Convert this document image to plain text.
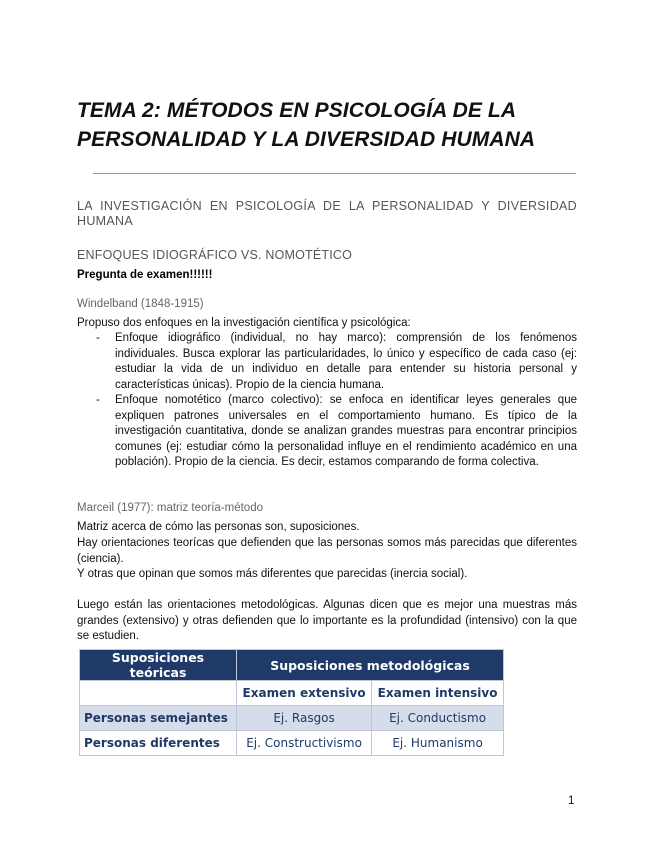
TEMA 2: MÉTODOS EN PSICOLOGÍA DE LA PERSONALIDAD Y LA DIVERSIDAD HUMANA
LA INVESTIGACIÓN EN PSICOLOGÍA DE LA PERSONALIDAD Y DIVERSIDAD HUMANA
ENFOQUES IDIOGRÁFICO VS. NOMOTÉTICO
Pregunta de examen!!!!!!
Windelband (1848-1915)
Propuso dos enfoques en la investigación científica y psicológica:
- Enfoque idiográfico (individual, no hay marco): comprensión de los fenómenos individuales. Busca explorar las particularidades, lo único y específico de cada caso (ej: estudiar la vida de un individuo en detalle para entender su historia personal y características únicas). Propio de la ciencia humana.
- Enfoque nomotético (marco colectivo): se enfoca en identificar leyes generales que expliquen patrones universales en el comportamiento humano. Es típico de la investigación cuantitativa, donde se analizan grandes muestras para encontrar principios comunes (ej: estudiar cómo la personalidad influye en el rendimiento académico en una población). Propio de la ciencia. Es decir, estamos comparando de forma colectiva.
Marceil (1977): matriz teoría-método
Matriz acerca de cómo las personas son, suposiciones.
Hay orientaciones teorícas que defienden que las personas somos más parecidas que diferentes (ciencia).
Y otras que opinan que somos más diferentes que parecidas (inercia social).
Luego están las orientaciones metodológicas. Algunas dicen que es mejor una muestras más grandes (extensivo) y otras defienden que lo importante es la profundidad (intensivo) con la que se estudien.
Suposiciones teóricas	Suposiciones metodológicas	
	Examen extensivo	Examen intensivo
Personas semejantes	Ej. Rasgos	Ej. Conductismo
Personas diferentes	Ej. Constructivismo	Ej. Humanismo
1
